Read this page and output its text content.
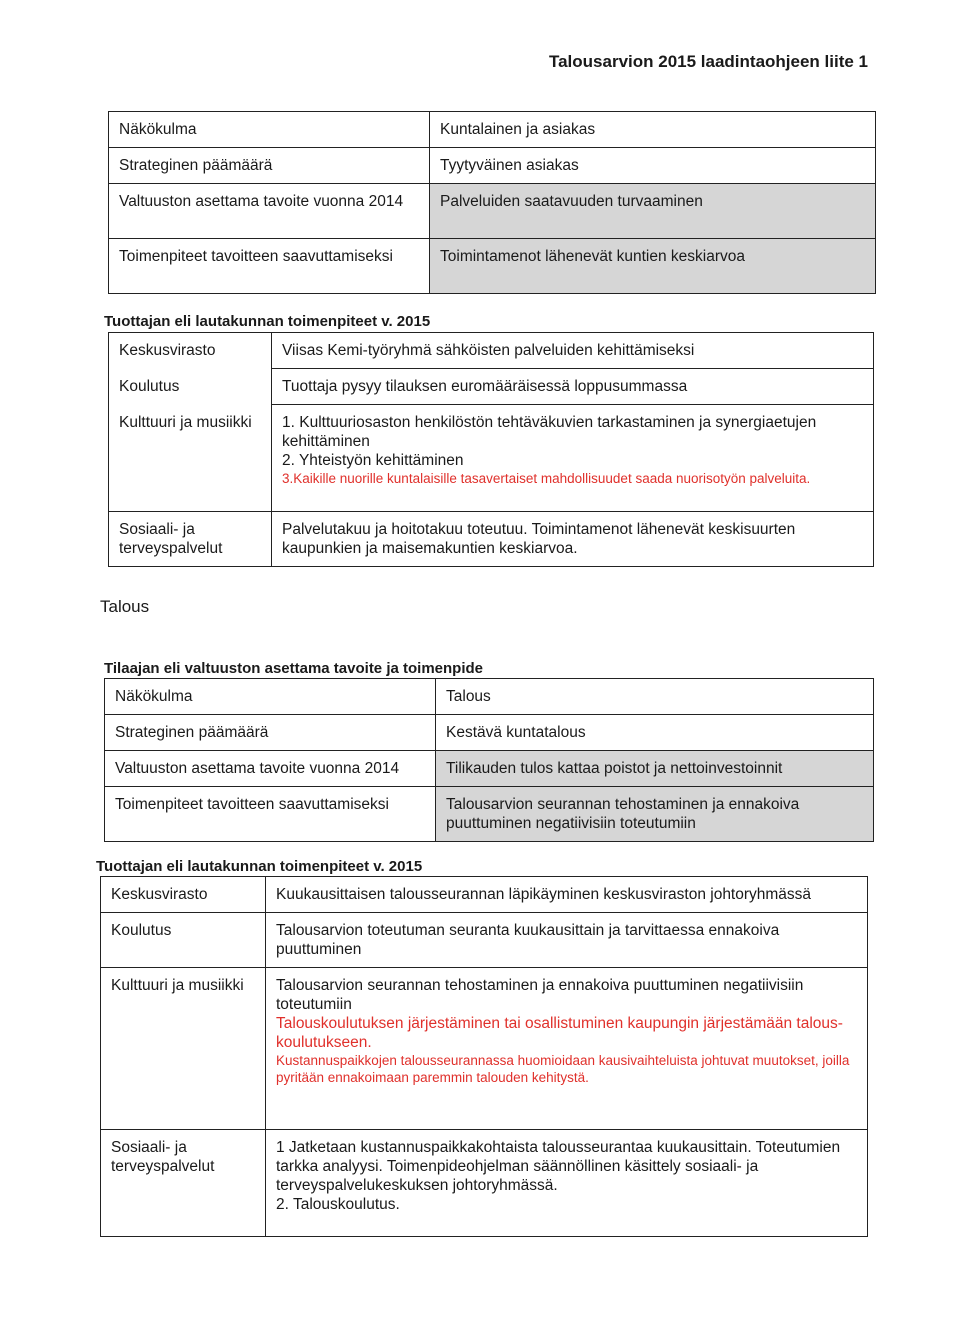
Talousarvion 2015 laadintaohjeen liite 1
Näkökulma	Kuntalainen ja asiakas
Strateginen päämäärä	Tyytyväinen asiakas
Valtuuston asettama tavoite vuonna 2014	Palveluiden saatavuuden turvaaminen
Toimenpiteet tavoitteen saavuttamiseksi	Toimintamenot lähenevät kuntien keskiarvoa
Tuottajan eli lautakunnan toimenpiteet v. 2015
Keskusvirasto	Viisas Kemi-työryhmä sähköisten palveluiden kehittämiseksi
Koulutus	Tuottaja pysyy tilauksen euromääräisessä loppusummassa
Kulttuuri ja musiikki	1. Kulttuuriosaston henkilöstön tehtäväkuvien tarkastaminen ja synergiaetujen kehittäminen
2. Yhteistyön kehittäminen
3.Kaikille nuorille kuntalaisille tasavertaiset mahdollisuudet saada nuorisotyön palveluita.

Sosiaali- ja terveyspalvelut	Palvelutakuu ja hoitotakuu toteutuu. Toimintamenot lähenevät keskisuurten kaupunkien ja maisemakuntien keskiarvoa.
Talous
Tilaajan eli valtuuston asettama tavoite ja toimenpide
Näkökulma	Talous
Strateginen päämäärä	Kestävä kuntatalous
Valtuuston asettama tavoite vuonna 2014	Tilikauden tulos kattaa poistot ja nettoinvestoinnit
Toimenpiteet tavoitteen saavuttamiseksi	Talousarvion seurannan tehostaminen ja ennakoiva puuttuminen negatiivisiin toteutumiin
Tuottajan eli lautakunnan toimenpiteet v. 2015
Keskusvirasto	Kuukausittaisen talousseurannan läpikäyminen keskusviraston johtoryhmässä
Koulutus	Talousarvion toteutuman seuranta kuukausittain ja tarvittaessa ennakoiva puuttuminen
Kulttuuri ja musiikki	Talousarvion seurannan tehostaminen ja ennakoiva puuttuminen negatiivisiin toteutumiin
Talouskoulutuksen järjestäminen tai osallistuminen kaupungin järjestämään talous-koulutukseen.
Kustannuspaikkojen talousseurannassa huomioidaan kausivaihteluista johtuvat muutokset, joilla pyritään ennakoimaan paremmin talouden kehitystä.

Sosiaali- ja terveyspalvelut	1 Jatketaan kustannuspaikkakohtaista talousseurantaa kuukausittain. Toteutumien tarkka analyysi. Toimenpideohjelman säännöllinen käsittely sosiaali- ja terveyspalvelukeskuksen johtoryhmässä.
2. Talouskoulutus.
